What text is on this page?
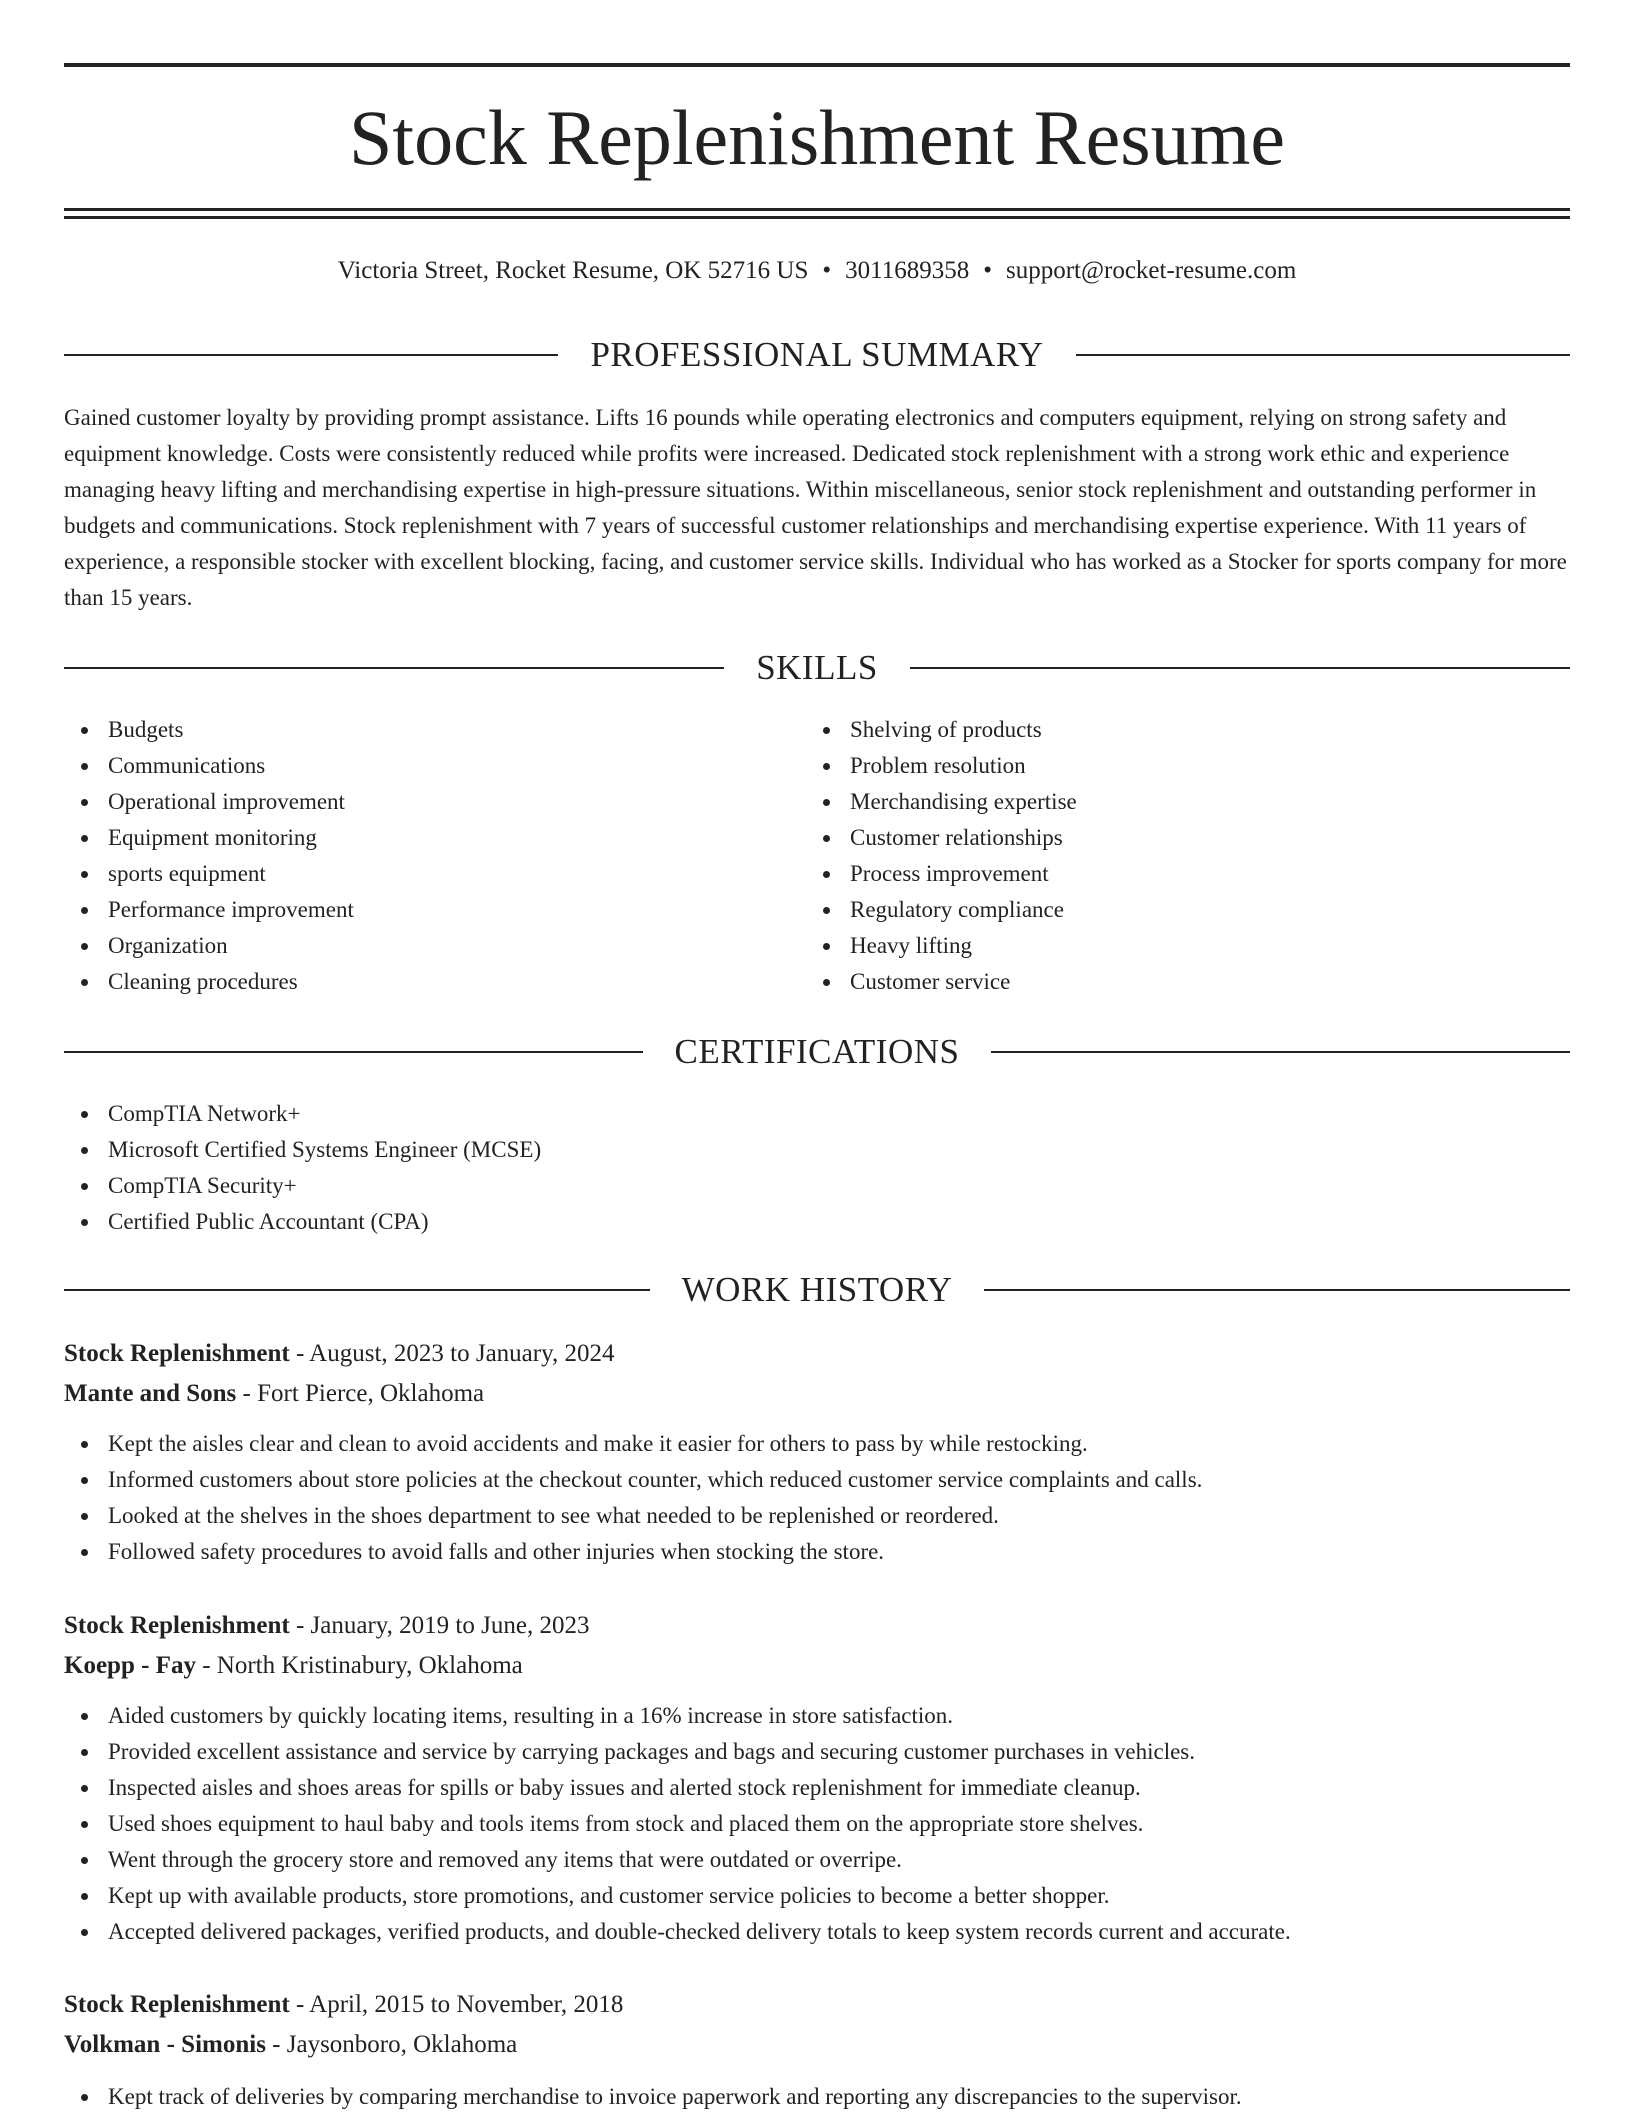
Stock Replenishment Resume
Victoria Street, Rocket Resume, OK 52716 US • 3011689358 • support@rocket-resume.com
PROFESSIONAL SUMMARY

Gained customer loyalty by providing prompt assistance. Lifts 16 pounds while operating electronics and computers equipment, relying on strong safety and equipment knowledge. Costs were consistently reduced while profits were increased. Dedicated stock replenishment with a strong work ethic and experience managing heavy lifting and merchandising expertise in high-pressure situations. Within miscellaneous, senior stock replenishment and outstanding performer in budgets and communications. Stock replenishment with 7 years of successful customer relationships and merchandising expertise experience. With 11 years of experience, a responsible stocker with excellent blocking, facing, and customer service skills. Individual who has worked as a Stocker for sports company for more than 15 years.

SKILLS
Budgets
Communications
Operational improvement
Equipment monitoring
sports equipment
Performance improvement
Organization
Cleaning procedures
Shelving of products
Problem resolution
Merchandising expertise
Customer relationships
Process improvement
Regulatory compliance
Heavy lifting
Customer service
CERTIFICATIONS
CompTIA Network+
Microsoft Certified Systems Engineer (MCSE)
CompTIA Security+
Certified Public Accountant (CPA)
WORK HISTORY
Stock Replenishment - August, 2023 to January, 2024
Mante and Sons - Fort Pierce, Oklahoma
Kept the aisles clear and clean to avoid accidents and make it easier for others to pass by while restocking.
Informed customers about store policies at the checkout counter, which reduced customer service complaints and calls.
Looked at the shelves in the shoes department to see what needed to be replenished or reordered.
Followed safety procedures to avoid falls and other injuries when stocking the store.
Stock Replenishment - January, 2019 to June, 2023
Koepp - Fay - North Kristinabury, Oklahoma
Aided customers by quickly locating items, resulting in a 16% increase in store satisfaction.
Provided excellent assistance and service by carrying packages and bags and securing customer purchases in vehicles.
Inspected aisles and shoes areas for spills or baby issues and alerted stock replenishment for immediate cleanup.
Used shoes equipment to haul baby and tools items from stock and placed them on the appropriate store shelves.
Went through the grocery store and removed any items that were outdated or overripe.
Kept up with available products, store promotions, and customer service policies to become a better shopper.
Accepted delivered packages, verified products, and double-checked delivery totals to keep system records current and accurate.
Stock Replenishment - April, 2015 to November, 2018
Volkman - Simonis - Jaysonboro, Oklahoma
Kept track of deliveries by comparing merchandise to invoice paperwork and reporting any discrepancies to the supervisor.
